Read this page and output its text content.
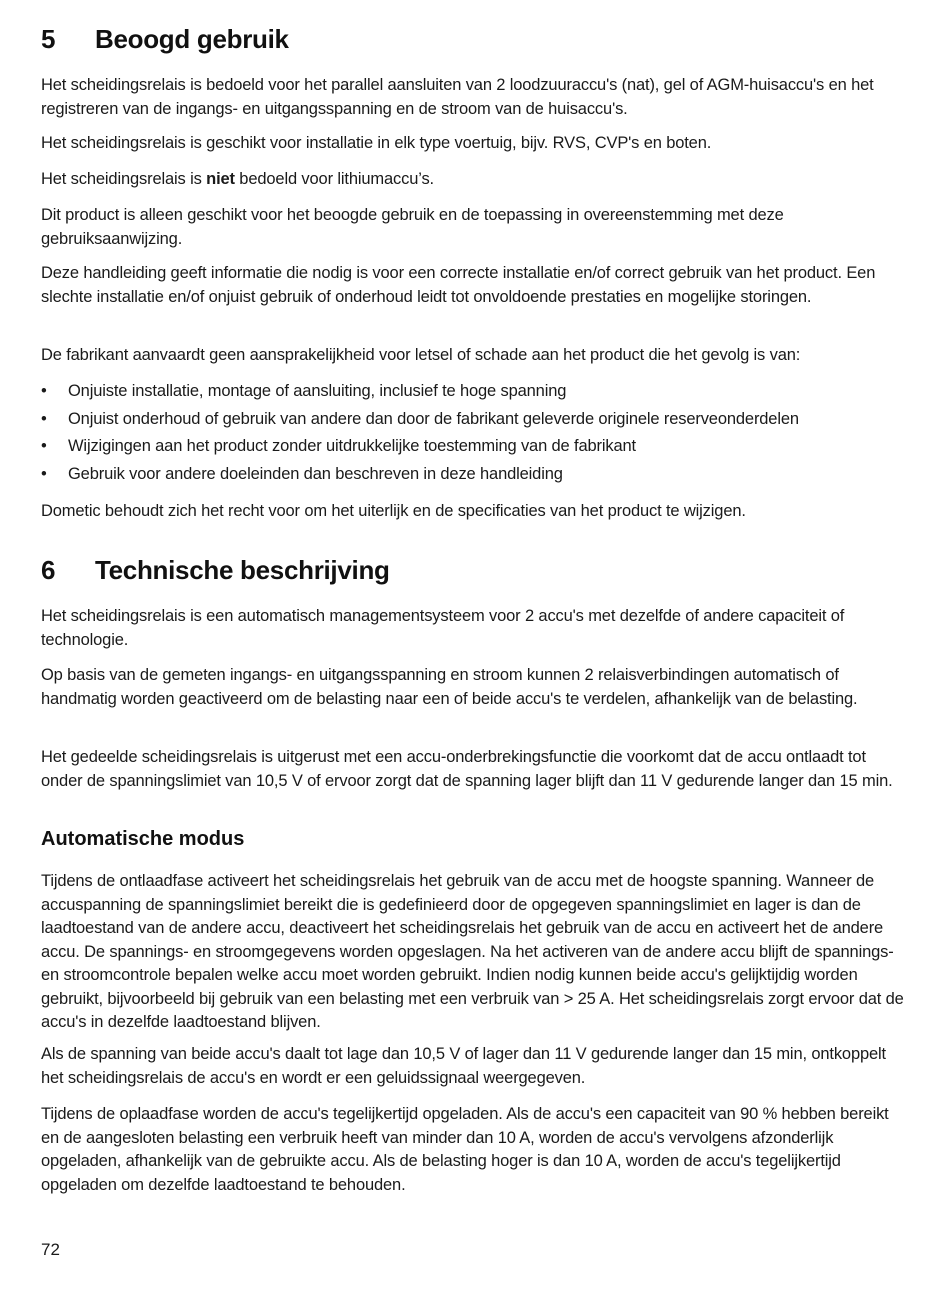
5	Beoogd gebruik

Het scheidingsrelais is bedoeld voor het parallel aansluiten van 2 loodzuuraccu's (nat), gel of AGM-huisaccu's en het registreren van de ingangs- en uitgangsspanning en de stroom van de huisaccu's.

Het scheidingsrelais is geschikt voor installatie in elk type voertuig, bijv. RVS, CVP's en boten.

Het scheidingsrelais is niet bedoeld voor lithiumaccu’s.

Dit product is alleen geschikt voor het beoogde gebruik en de toepassing in overeenstemming met deze gebruiksaanwijzing.

Deze handleiding geeft informatie die nodig is voor een correcte installatie en/of correct gebruik van het product. Een slechte installatie en/of onjuist gebruik of onderhoud leidt tot onvoldoende prestaties en mogelijke storingen.

De fabrikant aanvaardt geen aansprakelijkheid voor letsel of schade aan het product die het gevolg is van:

• Onjuiste installatie, montage of aansluiting, inclusief te hoge spanning
• Onjuist onderhoud of gebruik van andere dan door de fabrikant geleverde originele reserveonderdelen
• Wijzigingen aan het product zonder uitdrukkelijke toestemming van de fabrikant
• Gebruik voor andere doeleinden dan beschreven in deze handleiding

Dometic behoudt zich het recht voor om het uiterlijk en de specificaties van het product te wijzigen.

6	Technische beschrijving

Het scheidingsrelais is een automatisch managementsysteem voor 2 accu's met dezelfde of andere capaciteit of technologie.

Op basis van de gemeten ingangs- en uitgangsspanning en stroom kunnen 2 relaisverbindingen automatisch of handmatig worden geactiveerd om de belasting naar een of beide accu's te verdelen, afhankelijk van de belasting.

Het gedeelde scheidingsrelais is uitgerust met een accu-onderbrekingsfunctie die voorkomt dat de accu ontlaadt tot onder de spanningslimiet van 10,5 V of ervoor zorgt dat de spanning lager blijft dan 11 V gedurende langer dan 15 min.

Automatische modus

Tijdens de ontlaadfase activeert het scheidingsrelais het gebruik van de accu met de hoogste spanning. Wanneer de accuspanning de spanningslimiet bereikt die is gedefinieerd door de opgegeven spanningslimiet en lager is dan de laadtoestand van de andere accu, deactiveert het scheidingsrelais het gebruik van de accu en activeert het de andere accu. De spannings- en stroomgegevens worden opgeslagen. Na het activeren van de andere accu blijft de spannings- en stroomcontrole bepalen welke accu moet worden gebruikt. Indien nodig kunnen beide accu's gelijktijdig worden gebruikt, bijvoorbeeld bij gebruik van een belasting met een verbruik van > 25 A. Het scheidingsrelais zorgt ervoor dat de accu's in dezelfde laadtoestand blijven.

Als de spanning van beide accu's daalt tot lage dan 10,5 V of lager dan 11 V gedurende langer dan 15 min, ontkoppelt het scheidingsrelais de accu's en wordt er een geluidssignaal weergegeven.

Tijdens de oplaadfase worden de accu's tegelijkertijd opgeladen. Als de accu's een capaciteit van 90 % hebben bereikt en de aangesloten belasting een verbruik heeft van minder dan 10 A, worden de accu's vervolgens afzonderlijk opgeladen, afhankelijk van de gebruikte accu. Als de belasting hoger is dan 10 A, worden de accu's tegelijkertijd opgeladen om dezelfde laadtoestand te behouden.

72
